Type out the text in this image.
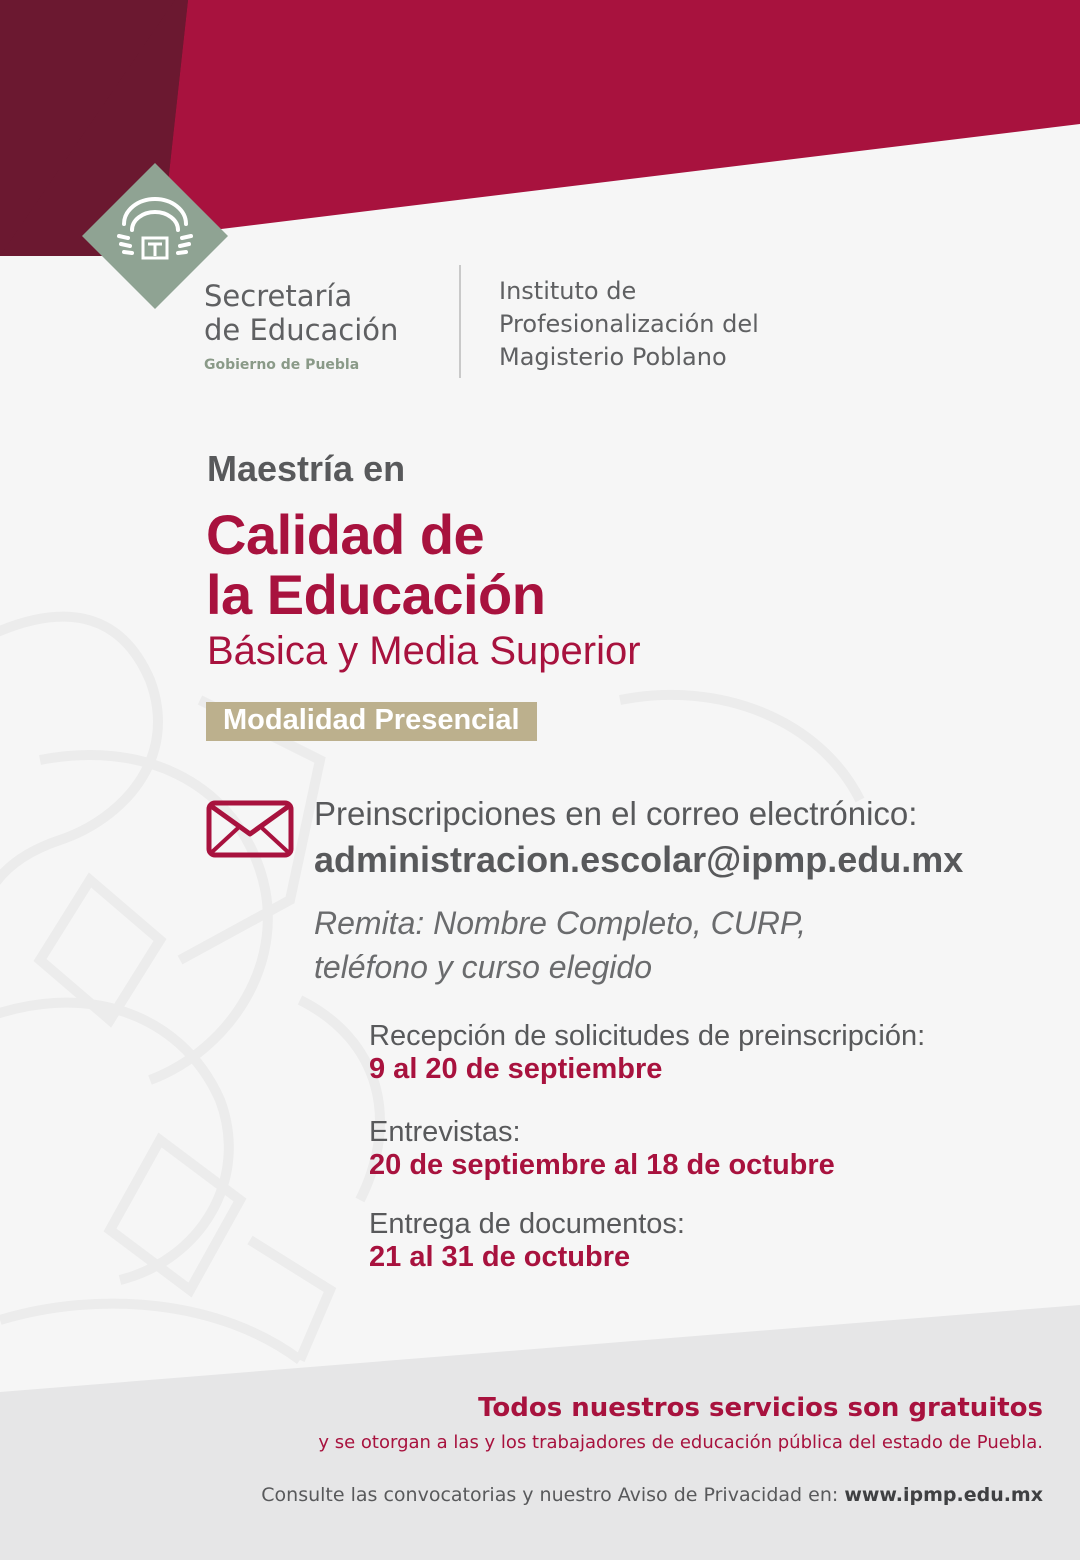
Secretaría
de Educación
Gobierno de Puebla
Instituto de
Profesionalización del
Magisterio Poblano
Maestría en
Calidad de
la Educación
Básica y Media Superior
Modalidad Presencial
Preinscripciones en el correo electrónico:
administracion.escolar@ipmp.edu.mx
Remita: Nombre Completo, CURP,
teléfono y curso elegido
Recepción de solicitudes de preinscripción:
9 al 20 de septiembre
Entrevistas:
20 de septiembre al 18 de octubre
Entrega de documentos:
21 al 31 de octubre
Todos nuestros servicios son gratuitos
y se otorgan a las y los trabajadores de educación pública del estado de Puebla.
Consulte las convocatorias y nuestro Aviso de Privacidad en: www.ipmp.edu.mx
